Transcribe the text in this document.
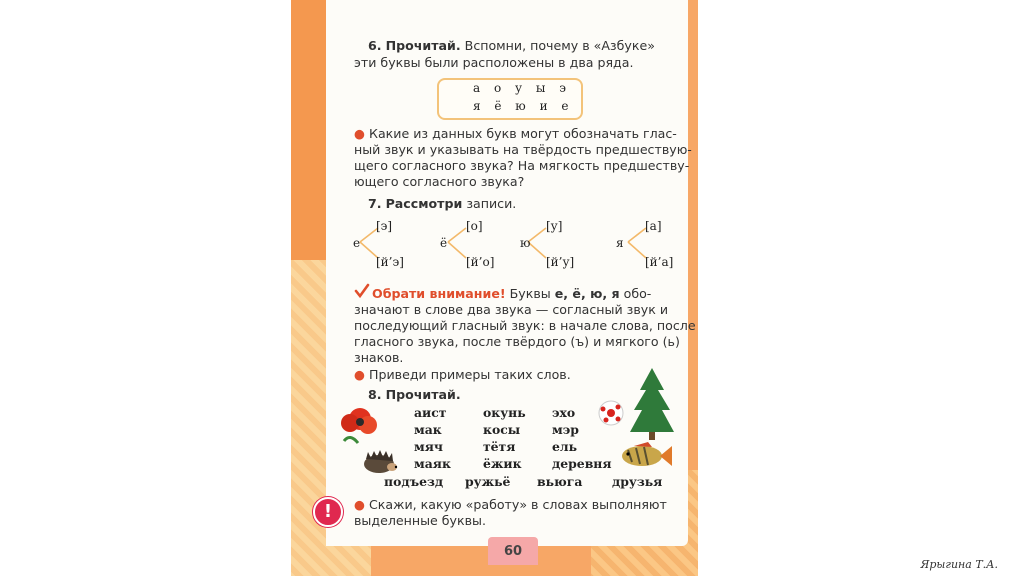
6. Прочитай. Вспомни, почему в «Азбуке»
эти буквы были расположены в два ряда.
а о у ы э
я ё ю и е
● Какие из данных букв могут обозначать глас-
ный звук и указывать на твёрдость предшествую-
щего согласного звука? На мягкость предшеству-
ющего согласного звука?
7. Рассмотри записи.
е
[э]
[й’э]
ё
[о]
[й’о]
ю
[у]
[й’у]
я
[а]
[й’а]
Обрати внимание! Буквы е, ё, ю, я обо-
значают в слове два звука — согласный звук и
последующий гласный звук: в начале слова, после
гласного звука, после твёрдого (ъ) и мягкого (ь)
знаков.
● Приведи примеры таких слов.
8. Прочитай.
аист
мак
мяч
маяк
окунь
косы
тётя
ёжик
эхо
мэр
ель
деревня
подъезд ружьё вьюга друзья
!	● Скажи, какую «работу» в словах выполняют
выделенные буквы.
60
Ярыгина Т.А.
